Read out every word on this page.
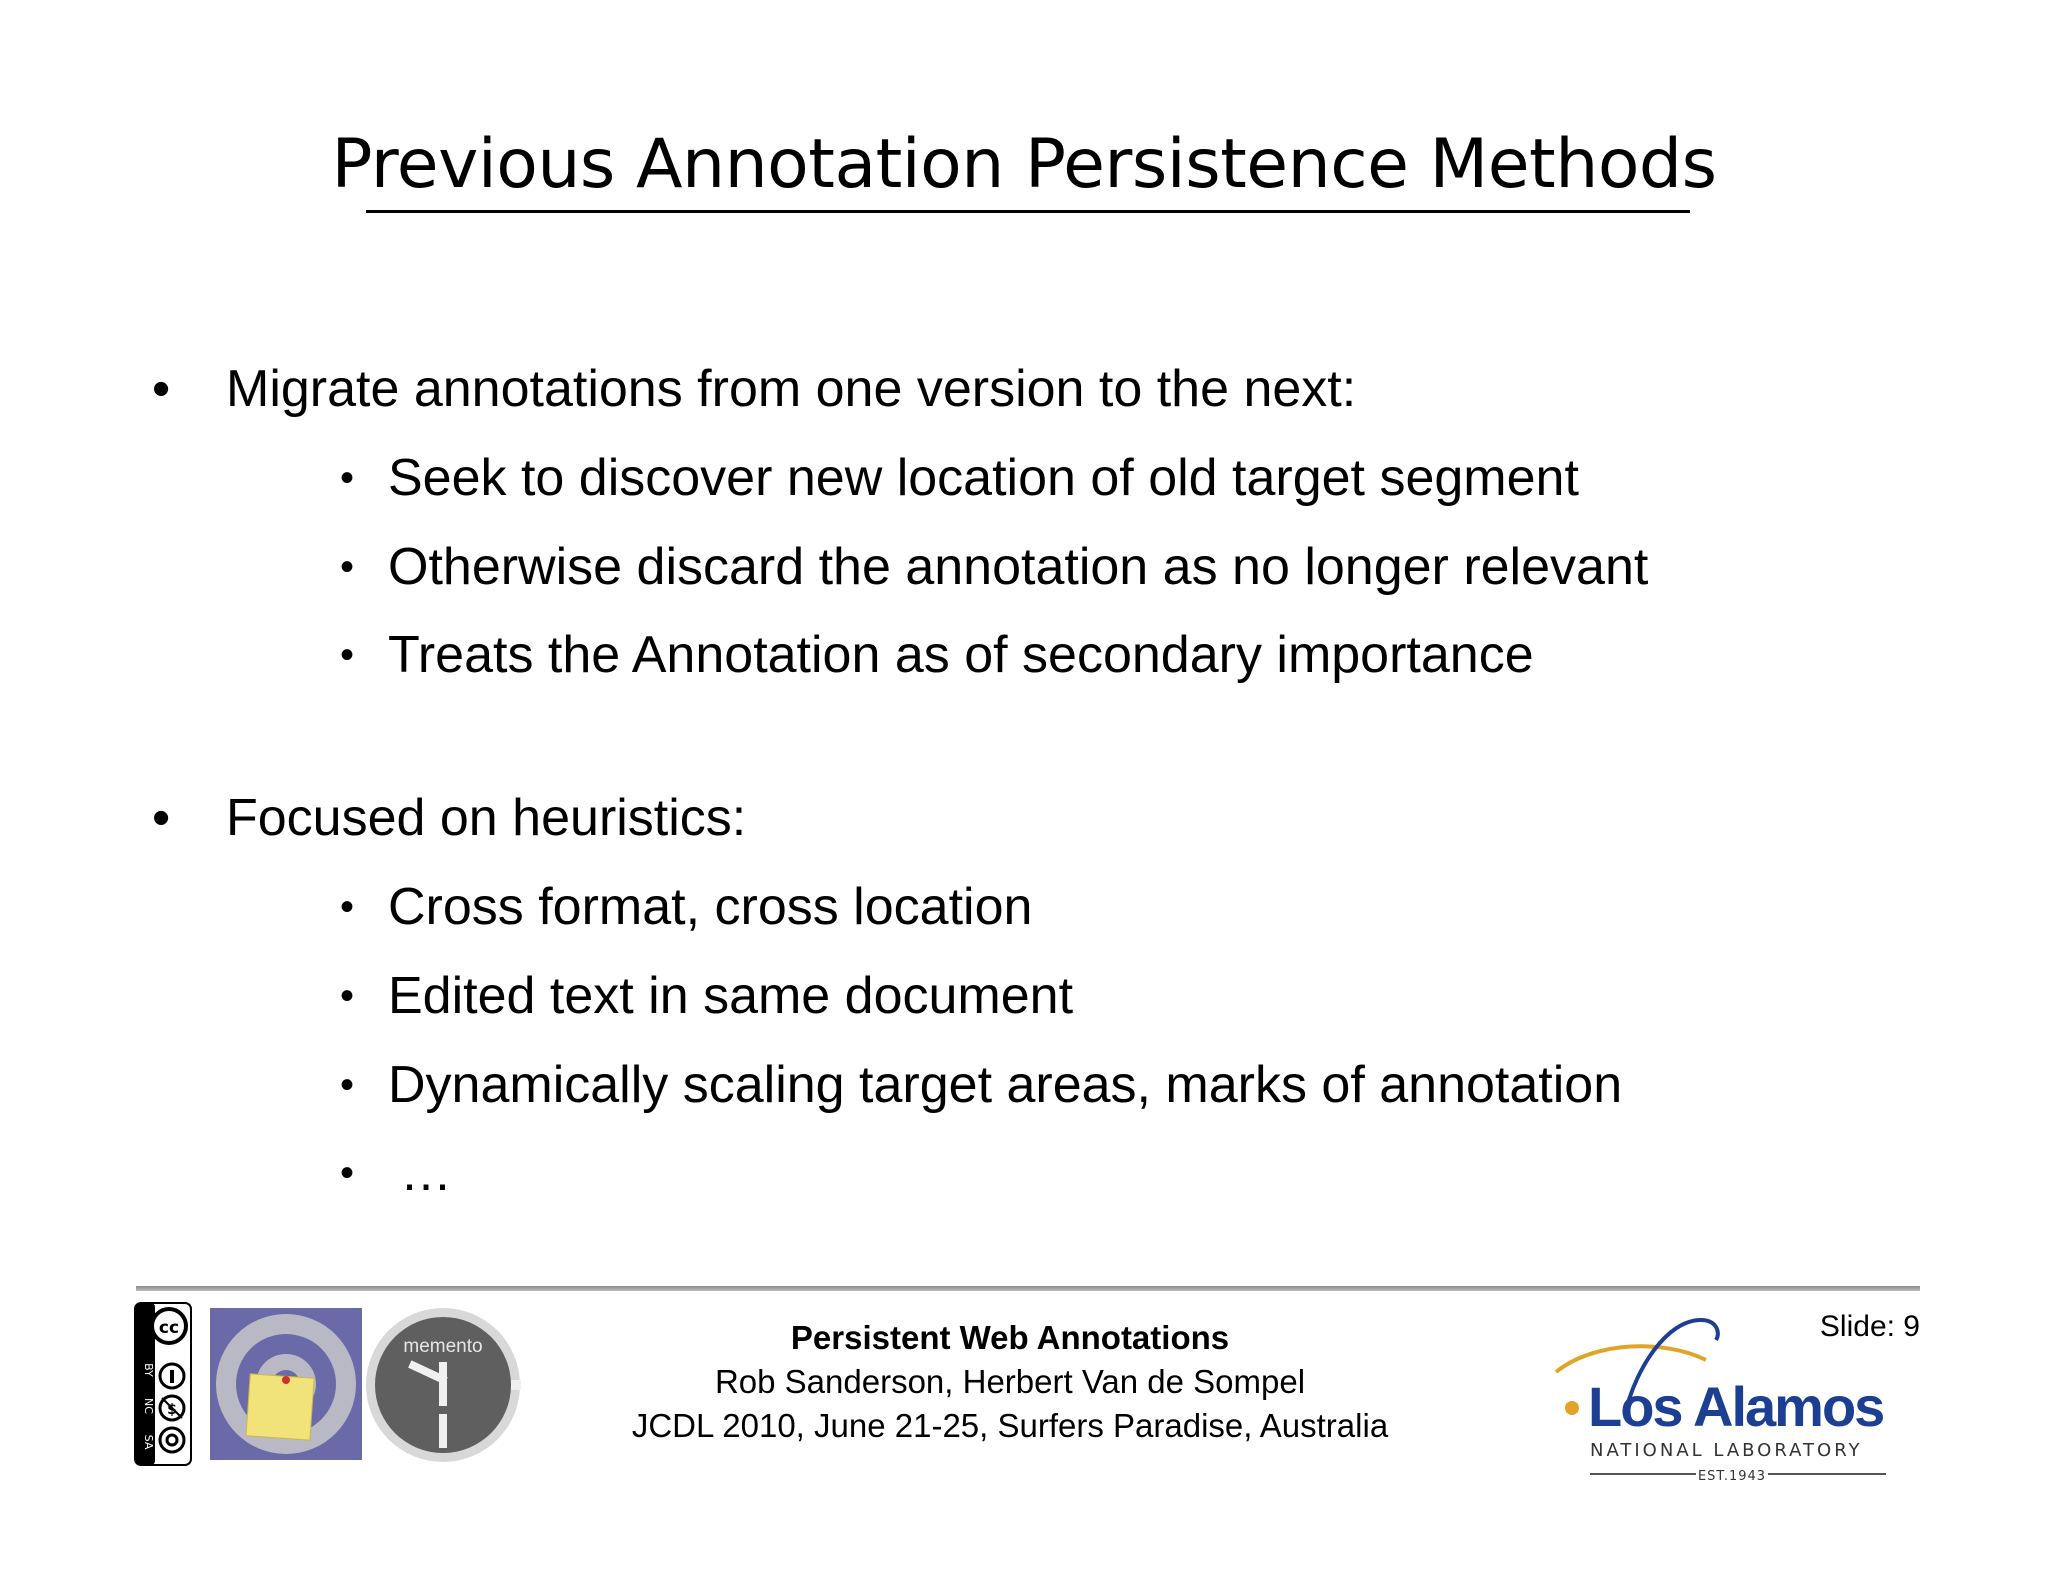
Previous Annotation Persistence Methods
• Migrate annotations from one version to the next:
• Seek to discover new location of old target segment
• Otherwise discard the annotation as no longer relevant
• Treats the Annotation as of secondary importance
• Focused on heuristics:
• Cross format, cross location
• Edited text in same document
• Dynamically scaling target areas, marks of annotation
• …
cc
$
BY
NC
SA
memento	Persistent Web Annotations
Rob Sanderson, Herbert Van de Sompel
JCDL 2010, June 21-25, Surfers Paradise, Australia
Slide: 9
Los Alamos
NATIONAL LABORATORY
EST.1943
